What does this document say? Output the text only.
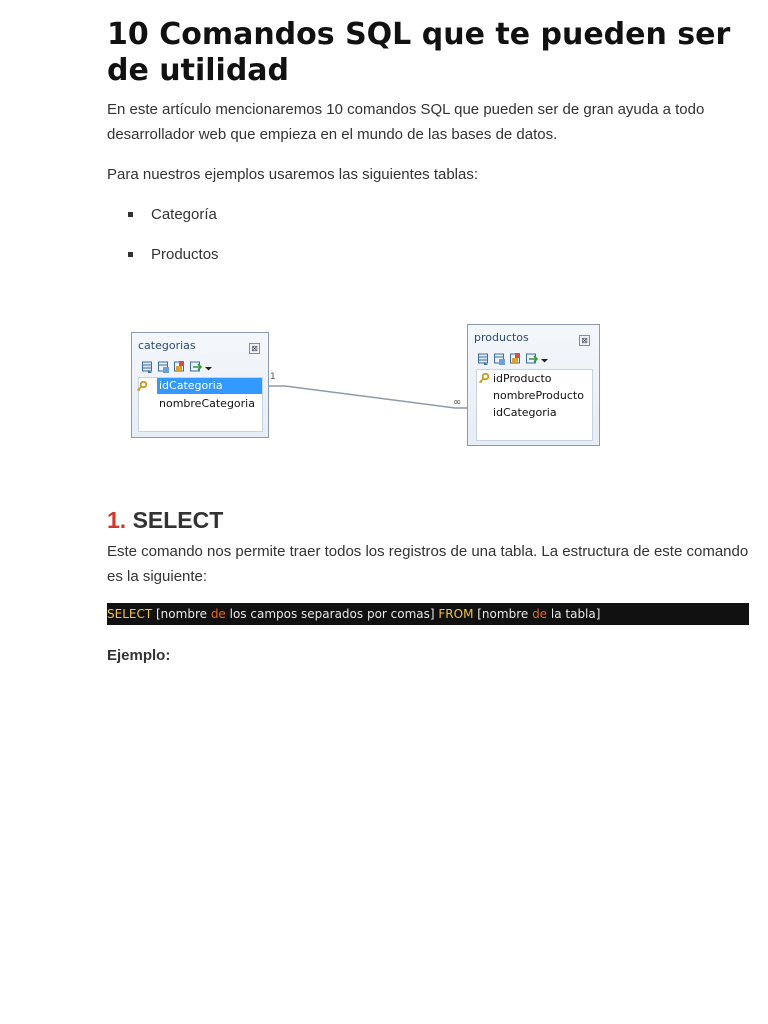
10 Comandos SQL que te pueden ser de utilidad

En este artículo mencionaremos 10 comandos SQL que pueden ser de gran ayuda a todo desarrollador web que empieza en el mundo de las bases de datos.

Para nuestros ejemplos usaremos las siguientes tablas:

Categoría
Productos
1
∞
categorias	⊠
idCategoria
nombreCategoria
productos	⊠
idProducto
nombreProducto
idCategoria
1. SELECT

Este comando nos permite traer todos los registros de una tabla. La estructura de este comando es la siguiente:

SELECT [nombre de los campos separados por comas] FROM [nombre de la tabla]
Ejemplo:
